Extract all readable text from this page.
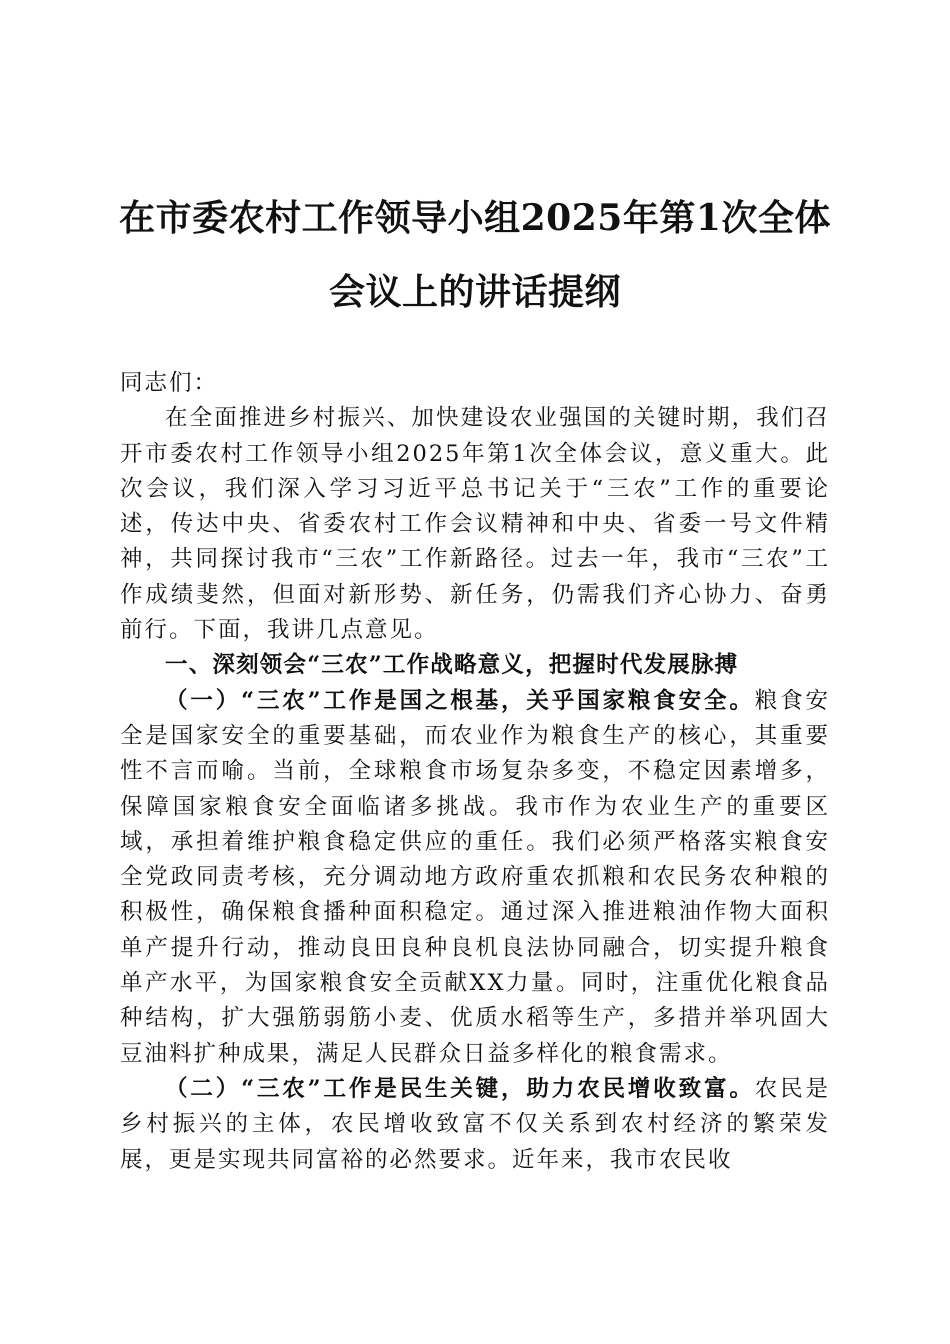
在市委农村工作领导小组2025年第1次全体
会议上的讲话提纲

同志们：

在全面推进乡村振兴、加快建设农业强国的关键时期，我们召开市委农村工作领导小组2025年第1次全体会议，意义重大。此次会议，我们深入学习习近平总书记关于“三农”工作的重要论述，传达中央、省委农村工作会议精神和中央、省委一号文件精神，共同探讨我市“三农”工作新路径。过去一年，我市“三农”工作成绩斐然，但面对新形势、新任务，仍需我们齐心协力、奋勇前行。下面，我讲几点意见。

一、深刻领会“三农”工作战略意义，把握时代发展脉搏

（一）“三农”工作是国之根基，关乎国家粮食安全。粮食安全是国家安全的重要基础，而农业作为粮食生产的核心，其重要性不言而喻。当前，全球粮食市场复杂多变，不稳定因素增多，保障国家粮食安全面临诸多挑战。我市作为农业生产的重要区域，承担着维护粮食稳定供应的重任。我们必须严格落实粮食安全党政同责考核，充分调动地方政府重农抓粮和农民务农种粮的积极性，确保粮食播种面积稳定。通过深入推进粮油作物大面积单产提升行动，推动良田良种良机良法协同融合，切实提升粮食单产水平，为国家粮食安全贡献XX力量。同时，注重优化粮食品种结构，扩大强筋弱筋小麦、优质水稻等生产，多措并举巩固大豆油料扩种成果，满足人民群众日益多样化的粮食需求。

（二）“三农”工作是民生关键，助力农民增收致富。农民是乡村振兴的主体，农民增收致富不仅关系到农村经济的繁荣发展，更是实现共同富裕的必然要求。近年来，我市农民收
